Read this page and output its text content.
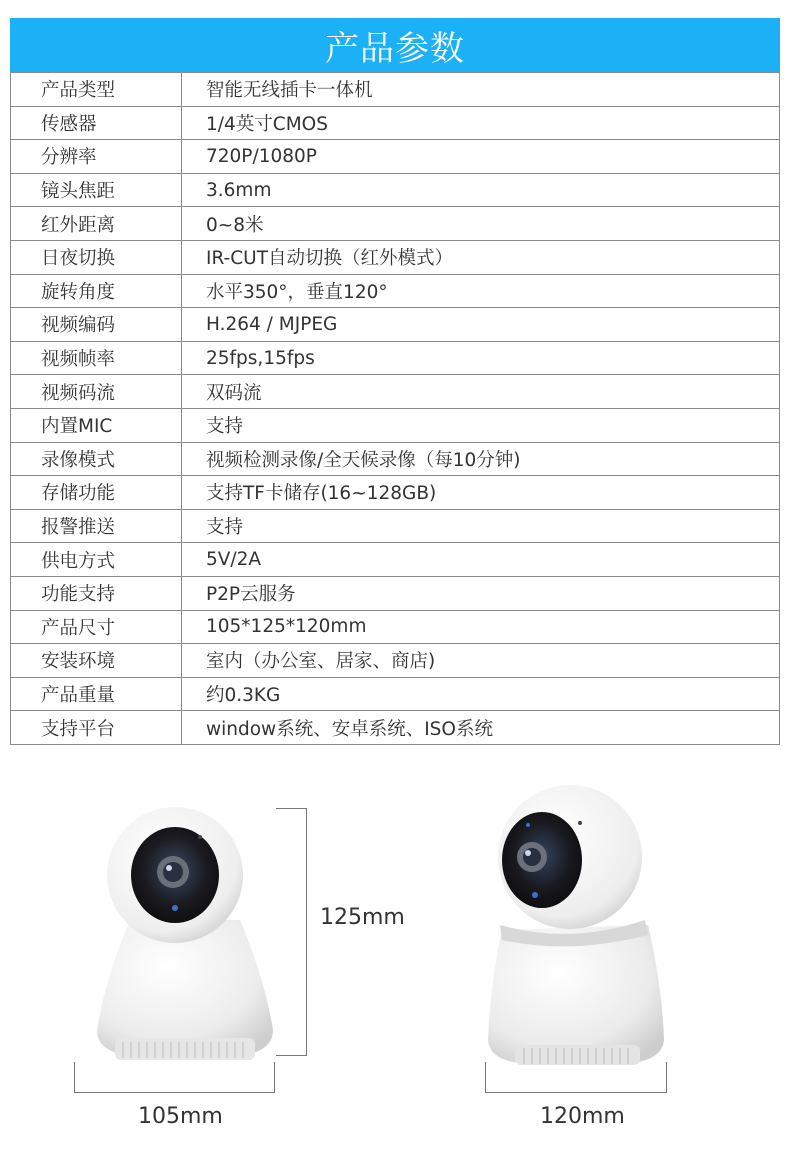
产品参数
产品类型	智能无线插卡一体机
传感器	1/4英寸CMOS
分辨率	720P/1080P
镜头焦距	3.6mm
红外距离	0~8米
日夜切换	IR-CUT自动切换（红外模式）
旋转角度	水平350°，垂直120°
视频编码	H.264 / MJPEG
视频帧率	25fps,15fps
视频码流	双码流
内置MIC	支持
录像模式	视频检测录像/全天候录像（每10分钟)
存储功能	支持TF卡储存(16~128GB)
报警推送	支持
供电方式	5V/2A
功能支持	P2P云服务
产品尺寸	105*125*120mm
安装环境	室内（办公室、居家、商店)
产品重量	约0.3KG
支持平台	window系统、安卓系统、ISO系统
125mm
105mm	120mm
